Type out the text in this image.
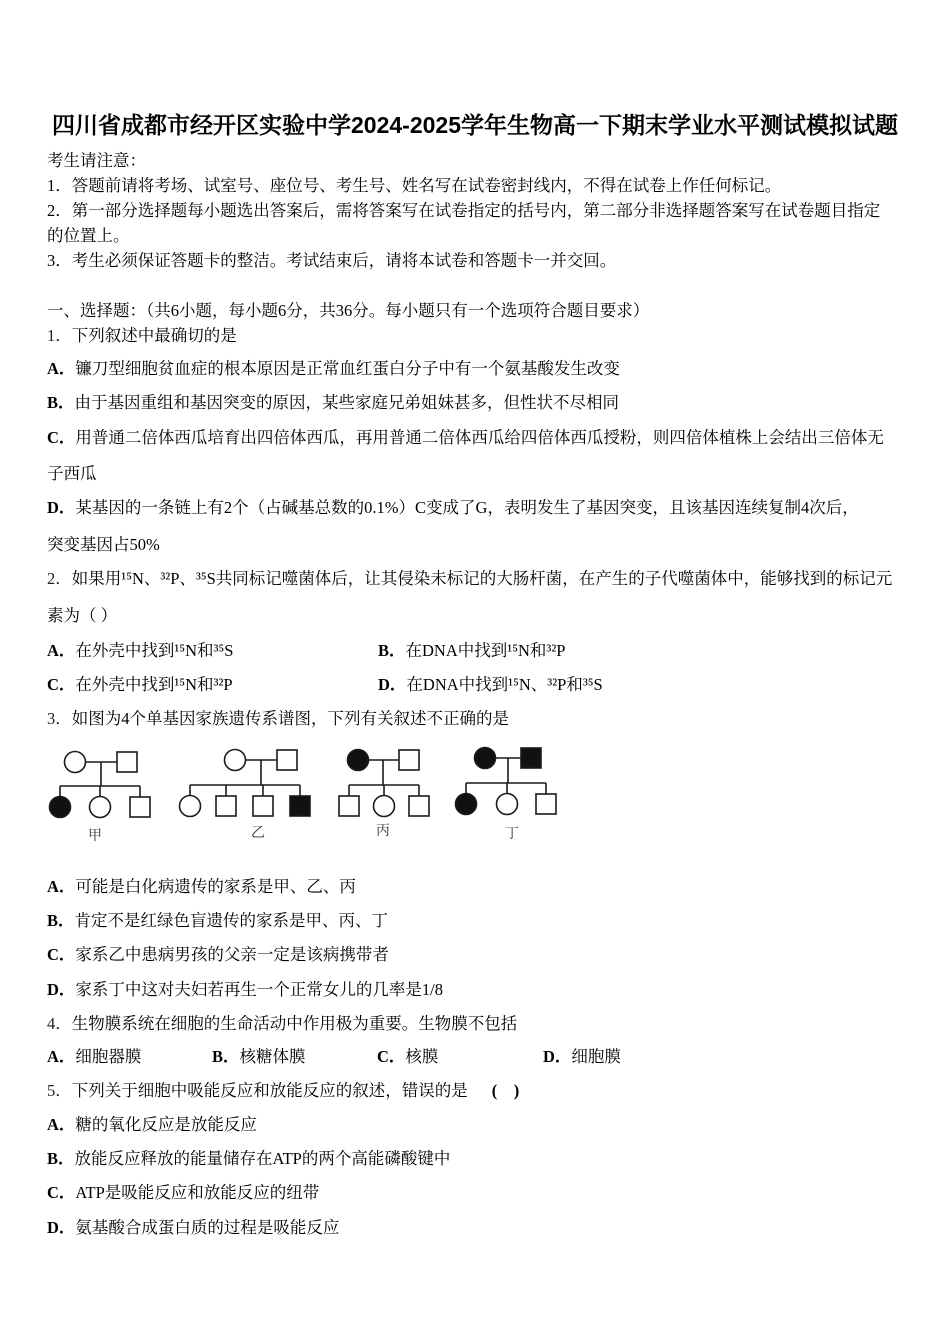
四川省成都市经开区实验中学2024-2025学年生物高一下期末学业水平测试模拟试题
考生请注意：
1．答题前请将考场、试室号、座位号、考生号、姓名写在试卷密封线内，不得在试卷上作任何标记。
2．第一部分选择题每小题选出答案后，需将答案写在试卷指定的括号内，第二部分非选择题答案写在试卷题目指定
的位置上。
3．考生必须保证答题卡的整洁。考试结束后，请将本试卷和答题卡一并交回。
一、选择题：（共6小题，每小题6分，共36分。每小题只有一个选项符合题目要求）
1．下列叙述中最确切的是
A．镰刀型细胞贫血症的根本原因是正常血红蛋白分子中有一个氨基酸发生改变
B．由于基因重组和基因突变的原因，某些家庭兄弟姐妹甚多，但性状不尽相同
C．用普通二倍体西瓜培育出四倍体西瓜，再用普通二倍体西瓜给四倍体西瓜授粉，则四倍体植株上会结出三倍体无
子西瓜
D．某基因的一条链上有2个（占碱基总数的0.1%）C变成了G，表明发生了基因突变，且该基因连续复制4次后，
突变基因占50%
2．如果用¹⁵N、³²P、³⁵S共同标记噬菌体后，让其侵染未标记的大肠杆菌，在产生的子代噬菌体中，能够找到的标记元
素为（ ）
A．在外壳中找到¹⁵N和³⁵S	B．在DNA中找到¹⁵N和³²P
C．在外壳中找到¹⁵N和³²P	D．在DNA中找到¹⁵N、³²P和³⁵S
3．如图为4个单基因家族遗传系谱图，下列有关叙述不正确的是
甲	乙	丙	丁
A．可能是白化病遗传的家系是甲、乙、丙
B．肯定不是红绿色盲遗传的家系是甲、丙、丁
C．家系乙中患病男孩的父亲一定是该病携带者
D．家系丁中这对夫妇若再生一个正常女儿的几率是1/8
4．生物膜系统在细胞的生命活动中作用极为重要。生物膜不包括
A．细胞器膜	B．核糖体膜	C．核膜	D．细胞膜
5．下列关于细胞中吸能反应和放能反应的叙述，错误的是 (　)
A．糖的氧化反应是放能反应
B．放能反应释放的能量储存在ATP的两个高能磷酸键中
C．ATP是吸能反应和放能反应的纽带
D．氨基酸合成蛋白质的过程是吸能反应
